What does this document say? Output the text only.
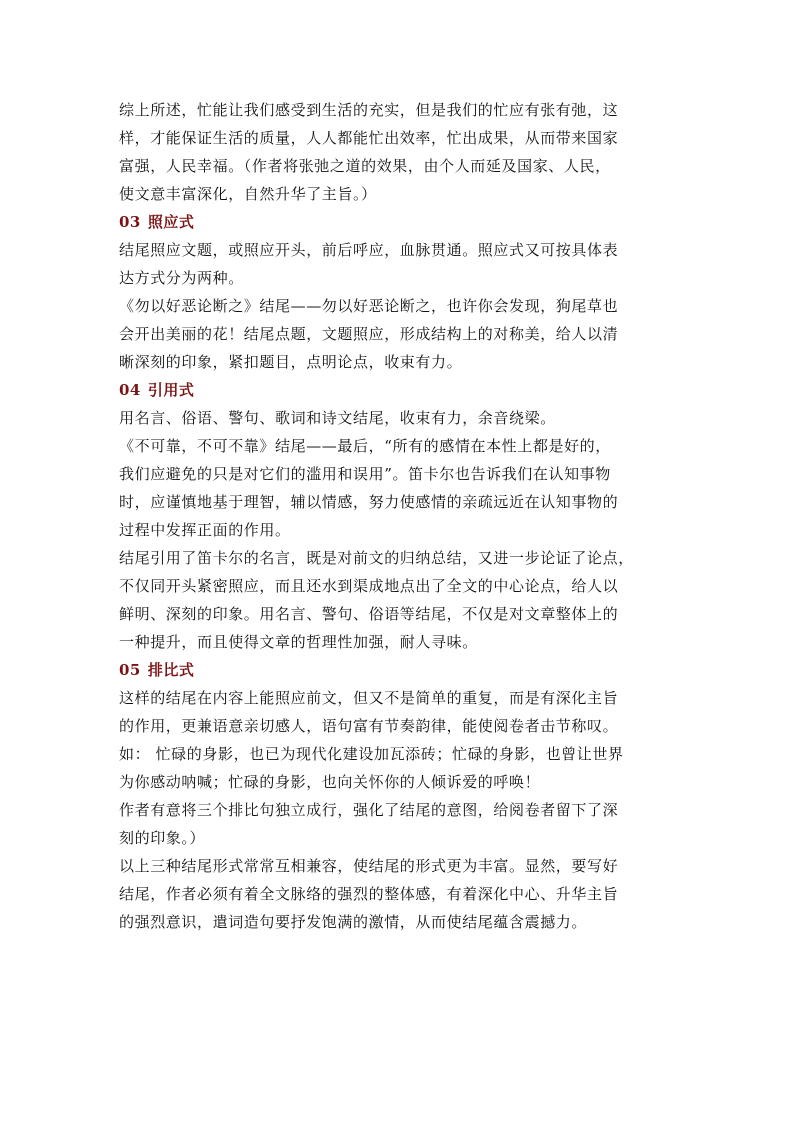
综上所述，忙能让我们感受到生活的充实，但是我们的忙应有张有弛，这
样，才能保证生活的质量，人人都能忙出效率，忙出成果，从而带来国家
富强，人民幸福。（作者将张弛之道的效果，由个人而延及国家、人民，
使文意丰富深化，自然升华了主旨。）

03 照应式

结尾照应文题，或照应开头，前后呼应，血脉贯通。照应式又可按具体表
达方式分为两种。

《勿以好恶论断之》结尾——勿以好恶论断之，也许你会发现，狗尾草也
会开出美丽的花！结尾点题，文题照应，形成结构上的对称美，给人以清
晰深刻的印象，紧扣题目，点明论点，收束有力。

04 引用式

用名言、俗语、警句、歌词和诗文结尾，收束有力，余音绕梁。

《不可靠，不可不靠》结尾——最后，“所有的感情在本性上都是好的，
我们应避免的只是对它们的滥用和误用”。笛卡尔也告诉我们在认知事物
时，应谨慎地基于理智，辅以情感，努力使感情的亲疏远近在认知事物的
过程中发挥正面的作用。

结尾引用了笛卡尔的名言，既是对前文的归纳总结，又进一步论证了论点，
不仅同开头紧密照应，而且还水到渠成地点出了全文的中心论点，给人以
鲜明、深刻的印象。用名言、警句、俗语等结尾，不仅是对文章整体上的
一种提升，而且使得文章的哲理性加强，耐人寻味。

05 排比式

这样的结尾在内容上能照应前文，但又不是简单的重复，而是有深化主旨
的作用，更兼语意亲切感人，语句富有节奏韵律，能使阅卷者击节称叹。
如： 忙碌的身影，也已为现代化建设加瓦添砖；忙碌的身影，也曾让世界
为你感动呐喊；忙碌的身影，也向关怀你的人倾诉爱的呼唤！

作者有意将三个排比句独立成行，强化了结尾的意图，给阅卷者留下了深
刻的印象。）

以上三种结尾形式常常互相兼容，使结尾的形式更为丰富。显然，要写好
结尾，作者必须有着全文脉络的强烈的整体感，有着深化中心、升华主旨
的强烈意识，遣词造句要抒发饱满的激情，从而使结尾蕴含震撼力。
